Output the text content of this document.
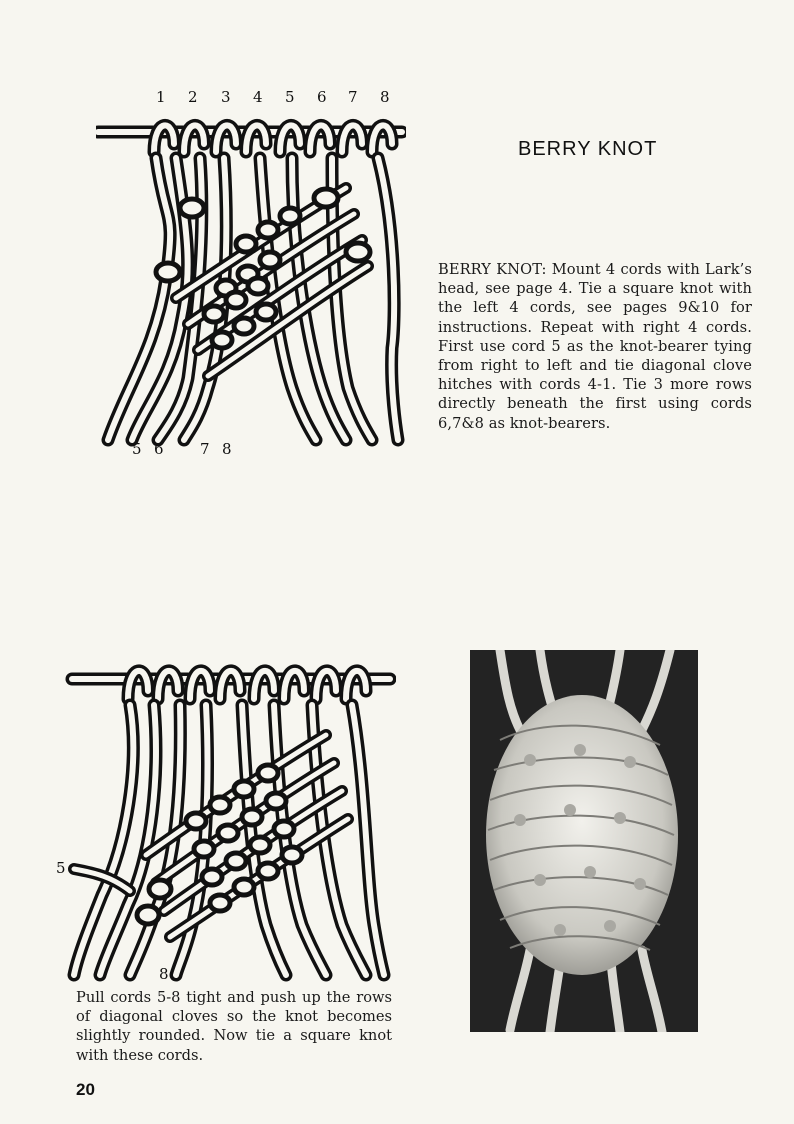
1 2 3 4 5 6 7 8
5 6 7 8
BERRY KNOT

BERRY KNOT: Mount 4 cords with Lark’s head, see page 4. Tie a square knot with the left 4 cords, see pages 9&10 for instructions. Repeat with right 4 cords. First use cord 5 as the knot-bearer tying from right to left and tie diagonal clove hitches with cords 4-1. Tie 3 more rows directly beneath the first using cords 6,7&8 as knot-bearers.

5
8

Pull cords 5-8 tight and push up the rows of diagonal cloves so the knot becomes slightly rounded. Now tie a square knot with these cords.

20
